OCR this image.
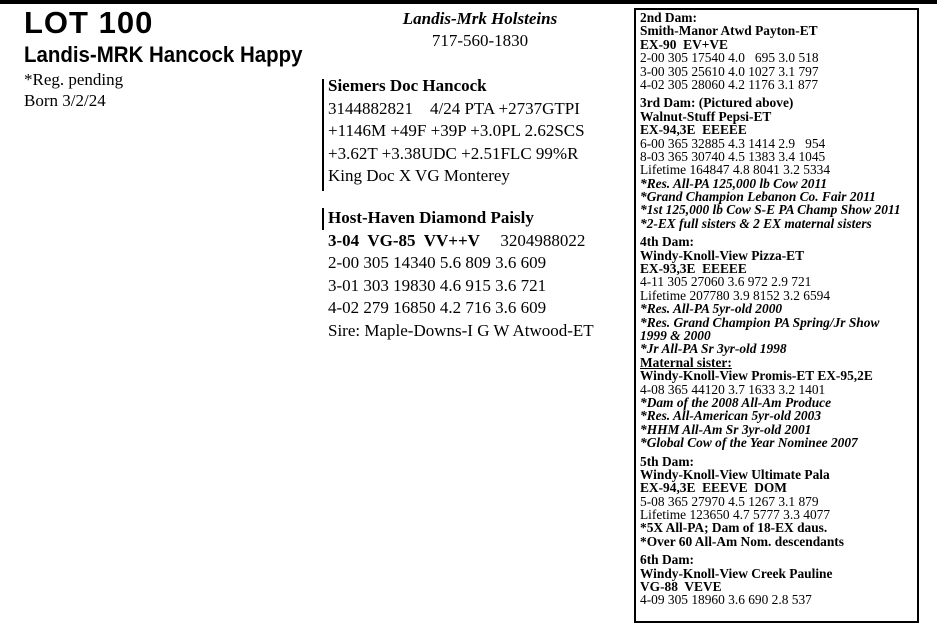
LOT 100
Landis-MRK Hancock Happy
*Reg. pending
Born 3/2/24
Landis-Mrk Holsteins
717-560-1830
Siemers Doc Hancock
3144882821    4/24 PTA +2737GTPI
+1146M +49F +39P +3.0PL 2.62SCS
+3.62T +3.38UDC +2.51FLC 99%R
King Doc X VG Monterey
Host-Haven Diamond Paisly
3-04  VG-85  VV++V 3204988022
2-00 305 14340 5.6 809 3.6 609
3-01 303 19830 4.6 915 3.6 721
4-02 279 16850 4.2 716 3.6 609
Sire: Maple-Downs-I G W Atwood-ET
2nd Dam:
Smith-Manor Atwd Payton-ET
EX-90  EV+VE
2-00 305 17540 4.0   695 3.0 518
3-00 305 25610 4.0 1027 3.1 797
4-02 305 28060 4.2 1176 3.1 877
3rd Dam: (Pictured above)
Walnut-Stuff Pepsi-ET
EX-94,3E  EEEEE
6-00 365 32885 4.3 1414 2.9   954
8-03 365 30740 4.5 1383 3.4 1045
Lifetime 164847 4.8 8041 3.2 5334
*Res. All-PA 125,000 lb Cow 2011
*Grand Champion Lebanon Co. Fair 2011
*1st 125,000 lb Cow S-E PA Champ Show 2011
*2-EX full sisters & 2 EX maternal sisters
4th Dam:
Windy-Knoll-View Pizza-ET
EX-93,3E  EEEEE
4-11 305 27060 3.6 972 2.9 721
Lifetime 207780 3.9 8152 3.2 6594
*Res. All-PA 5yr-old 2000
*Res. Grand Champion PA Spring/Jr Show
1999 & 2000
*Jr All-PA Sr 3yr-old 1998
Maternal sister:
Windy-Knoll-View Promis-ET EX-95,2E
4-08 365 44120 3.7 1633 3.2 1401
*Dam of the 2008 All-Am Produce
*Res. All-American 5yr-old 2003
*HHM All-Am Sr 3yr-old 2001
*Global Cow of the Year Nominee 2007
5th Dam:
Windy-Knoll-View Ultimate Pala
EX-94,3E  EEEVE  DOM
5-08 365 27970 4.5 1267 3.1 879
Lifetime 123650 4.7 5777 3.3 4077
*5X All-PA; Dam of 18-EX daus.
*Over 60 All-Am Nom. descendants
6th Dam:
Windy-Knoll-View Creek Pauline
VG-88  VEVE
4-09 305 18960 3.6 690 2.8 537
